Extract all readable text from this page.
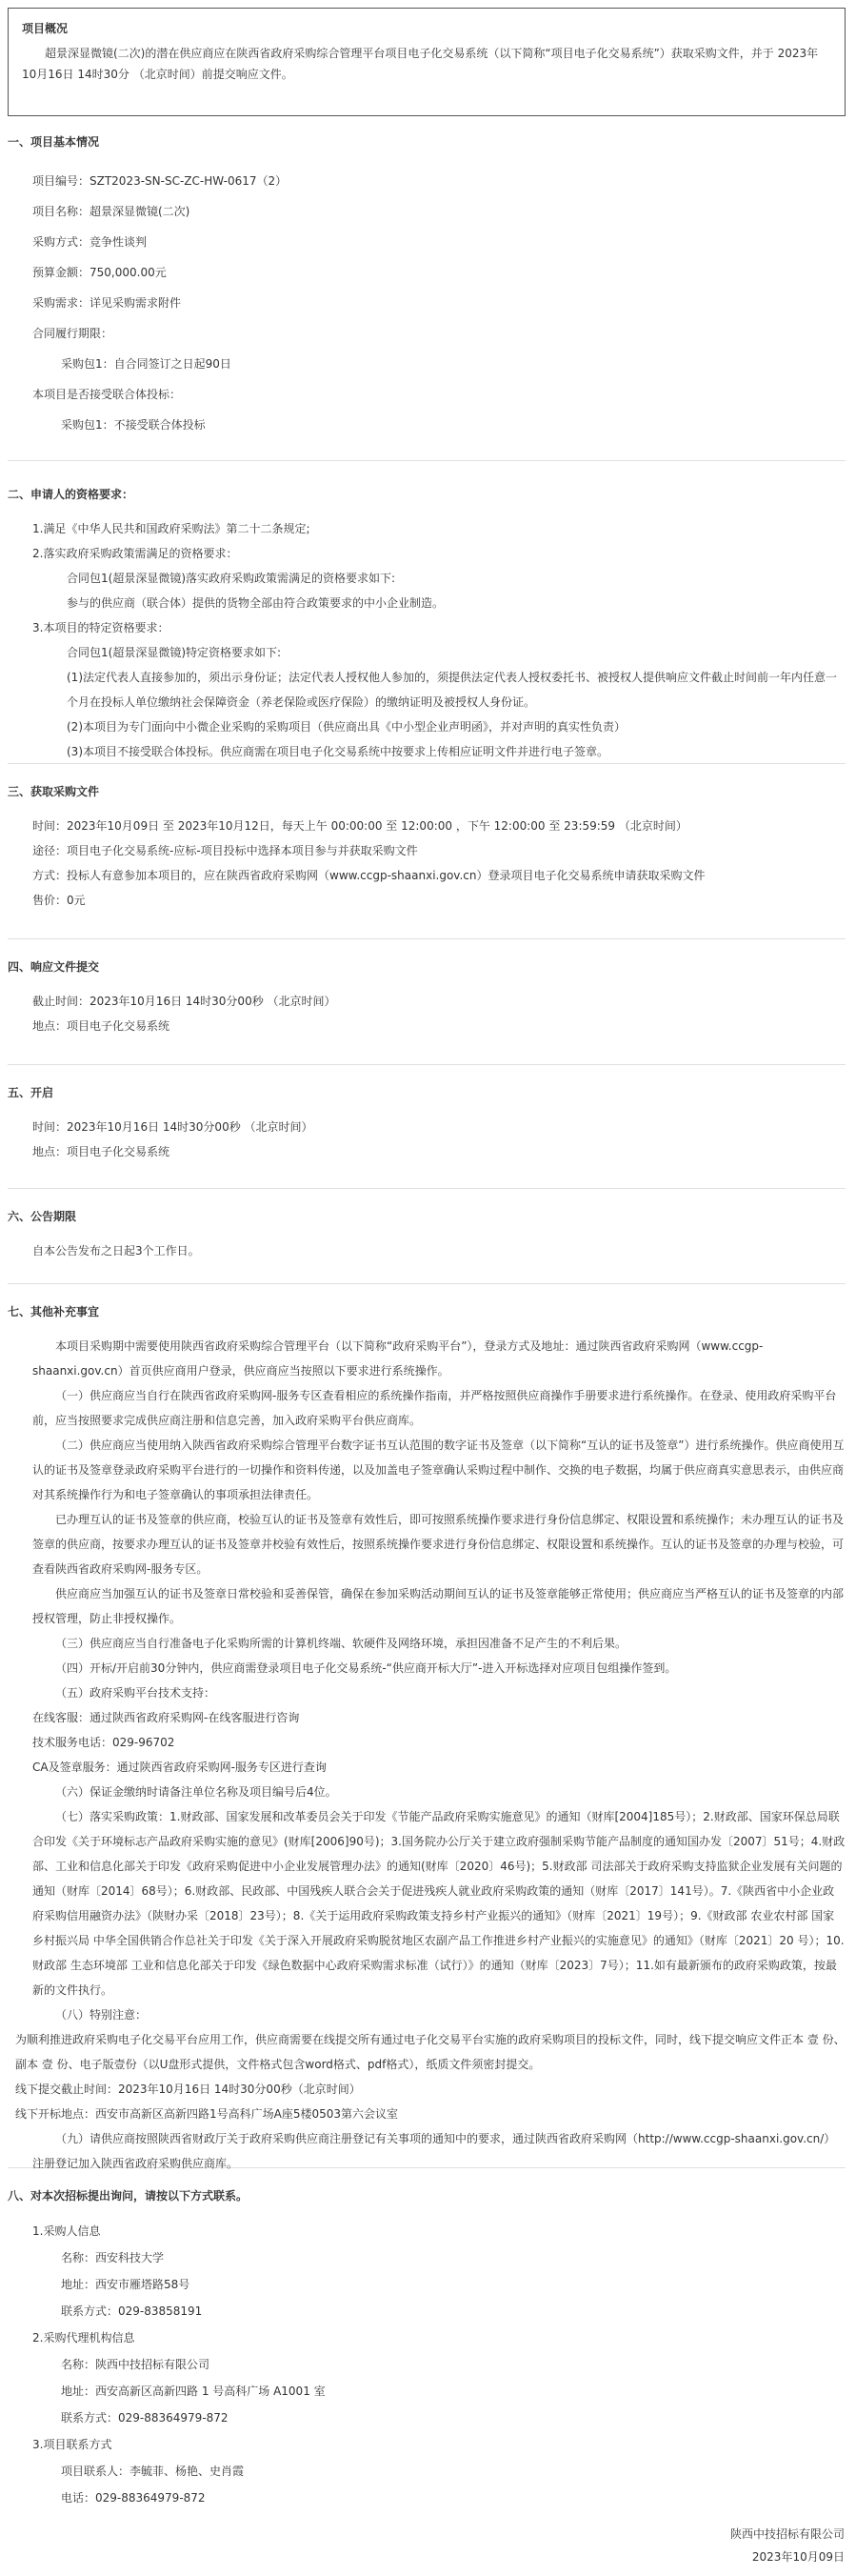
项目概况

超景深显微镜(二次)的潜在供应商应在陕西省政府采购综合管理平台项目电子化交易系统（以下简称“项目电子化交易系统”）获取采购文件，并于 2023年10月16日 14时30分 （北京时间）前提交响应文件。

一、项目基本情况

项目编号：SZT2023-SN-SC-ZC-HW-0617（2）

项目名称：超景深显微镜(二次)

采购方式：竞争性谈判

预算金额：750,000.00元

采购需求：详见采购需求附件

合同履行期限：

采购包1：自合同签订之日起90日

本项目是否接受联合体投标：

采购包1：不接受联合体投标

二、申请人的资格要求：

1.满足《中华人民共和国政府采购法》第二十二条规定;

2.落实政府采购政策需满足的资格要求：

合同包1(超景深显微镜)落实政府采购政策需满足的资格要求如下:

参与的供应商（联合体）提供的货物全部由符合政策要求的中小企业制造。

3.本项目的特定资格要求：

合同包1(超景深显微镜)特定资格要求如下:

(1)法定代表人直接参加的，须出示身份证；法定代表人授权他人参加的，须提供法定代表人授权委托书、被授权人提供响应文件截止时间前一年内任意一个月在投标人单位缴纳社会保障资金（养老保险或医疗保险）的缴纳证明及被授权人身份证。

(2)本项目为专门面向中小微企业采购的采购项目（供应商出具《中小型企业声明函》，并对声明的真实性负责）

(3)本项目不接受联合体投标。供应商需在项目电子化交易系统中按要求上传相应证明文件并进行电子签章。

三、获取采购文件

时间：2023年10月09日 至 2023年10月12日，每天上午 00:00:00 至 12:00:00 ，下午 12:00:00 至 23:59:59 （北京时间）

途径：项目电子化交易系统-应标-项目投标中选择本项目参与并获取采购文件

方式：投标人有意参加本项目的，应在陕西省政府采购网（www.ccgp-shaanxi.gov.cn）登录项目电子化交易系统申请获取采购文件

售价：0元

四、响应文件提交

截止时间：2023年10月16日 14时30分00秒 （北京时间）

地点：项目电子化交易系统

五、开启

时间：2023年10月16日 14时30分00秒 （北京时间）

地点：项目电子化交易系统

六、公告期限

自本公告发布之日起3个工作日。

七、其他补充事宜

本项目采购期中需要使用陕西省政府采购综合管理平台（以下简称“政府采购平台”），登录方式及地址：通过陕西省政府采购网（www.ccgp-shaanxi.gov.cn）首页供应商用户登录，供应商应当按照以下要求进行系统操作。

（一）供应商应当自行在陕西省政府采购网-服务专区查看相应的系统操作指南，并严格按照供应商操作手册要求进行系统操作。在登录、使用政府采购平台前，应当按照要求完成供应商注册和信息完善，加入政府采购平台供应商库。

（二）供应商应当使用纳入陕西省政府采购综合管理平台数字证书互认范围的数字证书及签章（以下简称“互认的证书及签章”）进行系统操作。供应商使用互认的证书及签章登录政府采购平台进行的一切操作和资料传递，以及加盖电子签章确认采购过程中制作、交换的电子数据，均属于供应商真实意思表示，由供应商对其系统操作行为和电子签章确认的事项承担法律责任。

已办理互认的证书及签章的供应商，校验互认的证书及签章有效性后，即可按照系统操作要求进行身份信息绑定、权限设置和系统操作；未办理互认的证书及签章的供应商，按要求办理互认的证书及签章并校验有效性后，按照系统操作要求进行身份信息绑定、权限设置和系统操作。互认的证书及签章的办理与校验，可查看陕西省政府采购网-服务专区。

供应商应当加强互认的证书及签章日常校验和妥善保管，确保在参加采购活动期间互认的证书及签章能够正常使用；供应商应当严格互认的证书及签章的内部授权管理，防止非授权操作。

（三）供应商应当自行准备电子化采购所需的计算机终端、软硬件及网络环境，承担因准备不足产生的不利后果。

（四）开标/开启前30分钟内，供应商需登录项目电子化交易系统-“供应商开标大厅”-进入开标选择对应项目包组操作签到。

（五）政府采购平台技术支持：

在线客服：通过陕西省政府采购网-在线客服进行咨询

技术服务电话：029-96702

CA及签章服务：通过陕西省政府采购网-服务专区进行查询

（六）保证金缴纳时请备注单位名称及项目编号后4位。

（七）落实采购政策：1.财政部、国家发展和改革委员会关于印发《节能产品政府采购实施意见》的通知（财库[2004]185号）；2.财政部、国家环保总局联合印发《关于环境标志产品政府采购实施的意见》(财库[2006]90号)；3.国务院办公厅关于建立政府强制采购节能产品制度的通知国办发〔2007〕51号；4.财政部、工业和信息化部关于印发《政府采购促进中小企业发展管理办法》的通知(财库〔2020〕46号)；5.财政部 司法部关于政府采购支持监狱企业发展有关问题的通知（财库〔2014〕68号）；6.财政部、民政部、中国残疾人联合会关于促进残疾人就业政府采购政策的通知（财库〔2017〕141号）。7.《陕西省中小企业政府采购信用融资办法》（陕财办采〔2018〕23号）；8.《关于运用政府采购政策支持乡村产业振兴的通知》（财库〔2021〕19号）；9.《财政部 农业农村部 国家乡村振兴局 中华全国供销合作总社关于印发《关于深入开展政府采购脱贫地区农副产品工作推进乡村产业振兴的实施意见》的通知》（财库〔2021〕20 号）；10.财政部 生态环境部 工业和信息化部关于印发《绿色数据中心政府采购需求标准（试行）》的通知（财库〔2023〕7号）；11.如有最新颁布的政府采购政策，按最新的文件执行。

（八）特别注意：

为顺利推进政府采购电子化交易平台应用工作，供应商需要在线提交所有通过电子化交易平台实施的政府采购项目的投标文件，同时，线下提交响应文件正本 壹 份、副本 壹 份、电子版壹份（以U盘形式提供，文件格式包含word格式、pdf格式），纸质文件须密封提交。

线下提交截止时间：2023年10月16日 14时30分00秒（北京时间）

线下开标地点：西安市高新区高新四路1号高科广场A座5楼0503第六会议室

（九）请供应商按照陕西省财政厅关于政府采购供应商注册登记有关事项的通知中的要求，通过陕西省政府采购网（http://www.ccgp-shaanxi.gov.cn/）注册登记加入陕西省政府采购供应商库。

八、对本次招标提出询问，请按以下方式联系。

1.采购人信息

名称：西安科技大学

地址：西安市雁塔路58号

联系方式：029-83858191

2.采购代理机构信息

名称：陕西中技招标有限公司

地址：西安高新区高新四路 1 号高科广场 A1001 室

联系方式：029-88364979-872

3.项目联系方式

项目联系人：李毓菲、杨艳、史肖霞

电话：029-88364979-872

陕西中技招标有限公司
2023年10月09日
